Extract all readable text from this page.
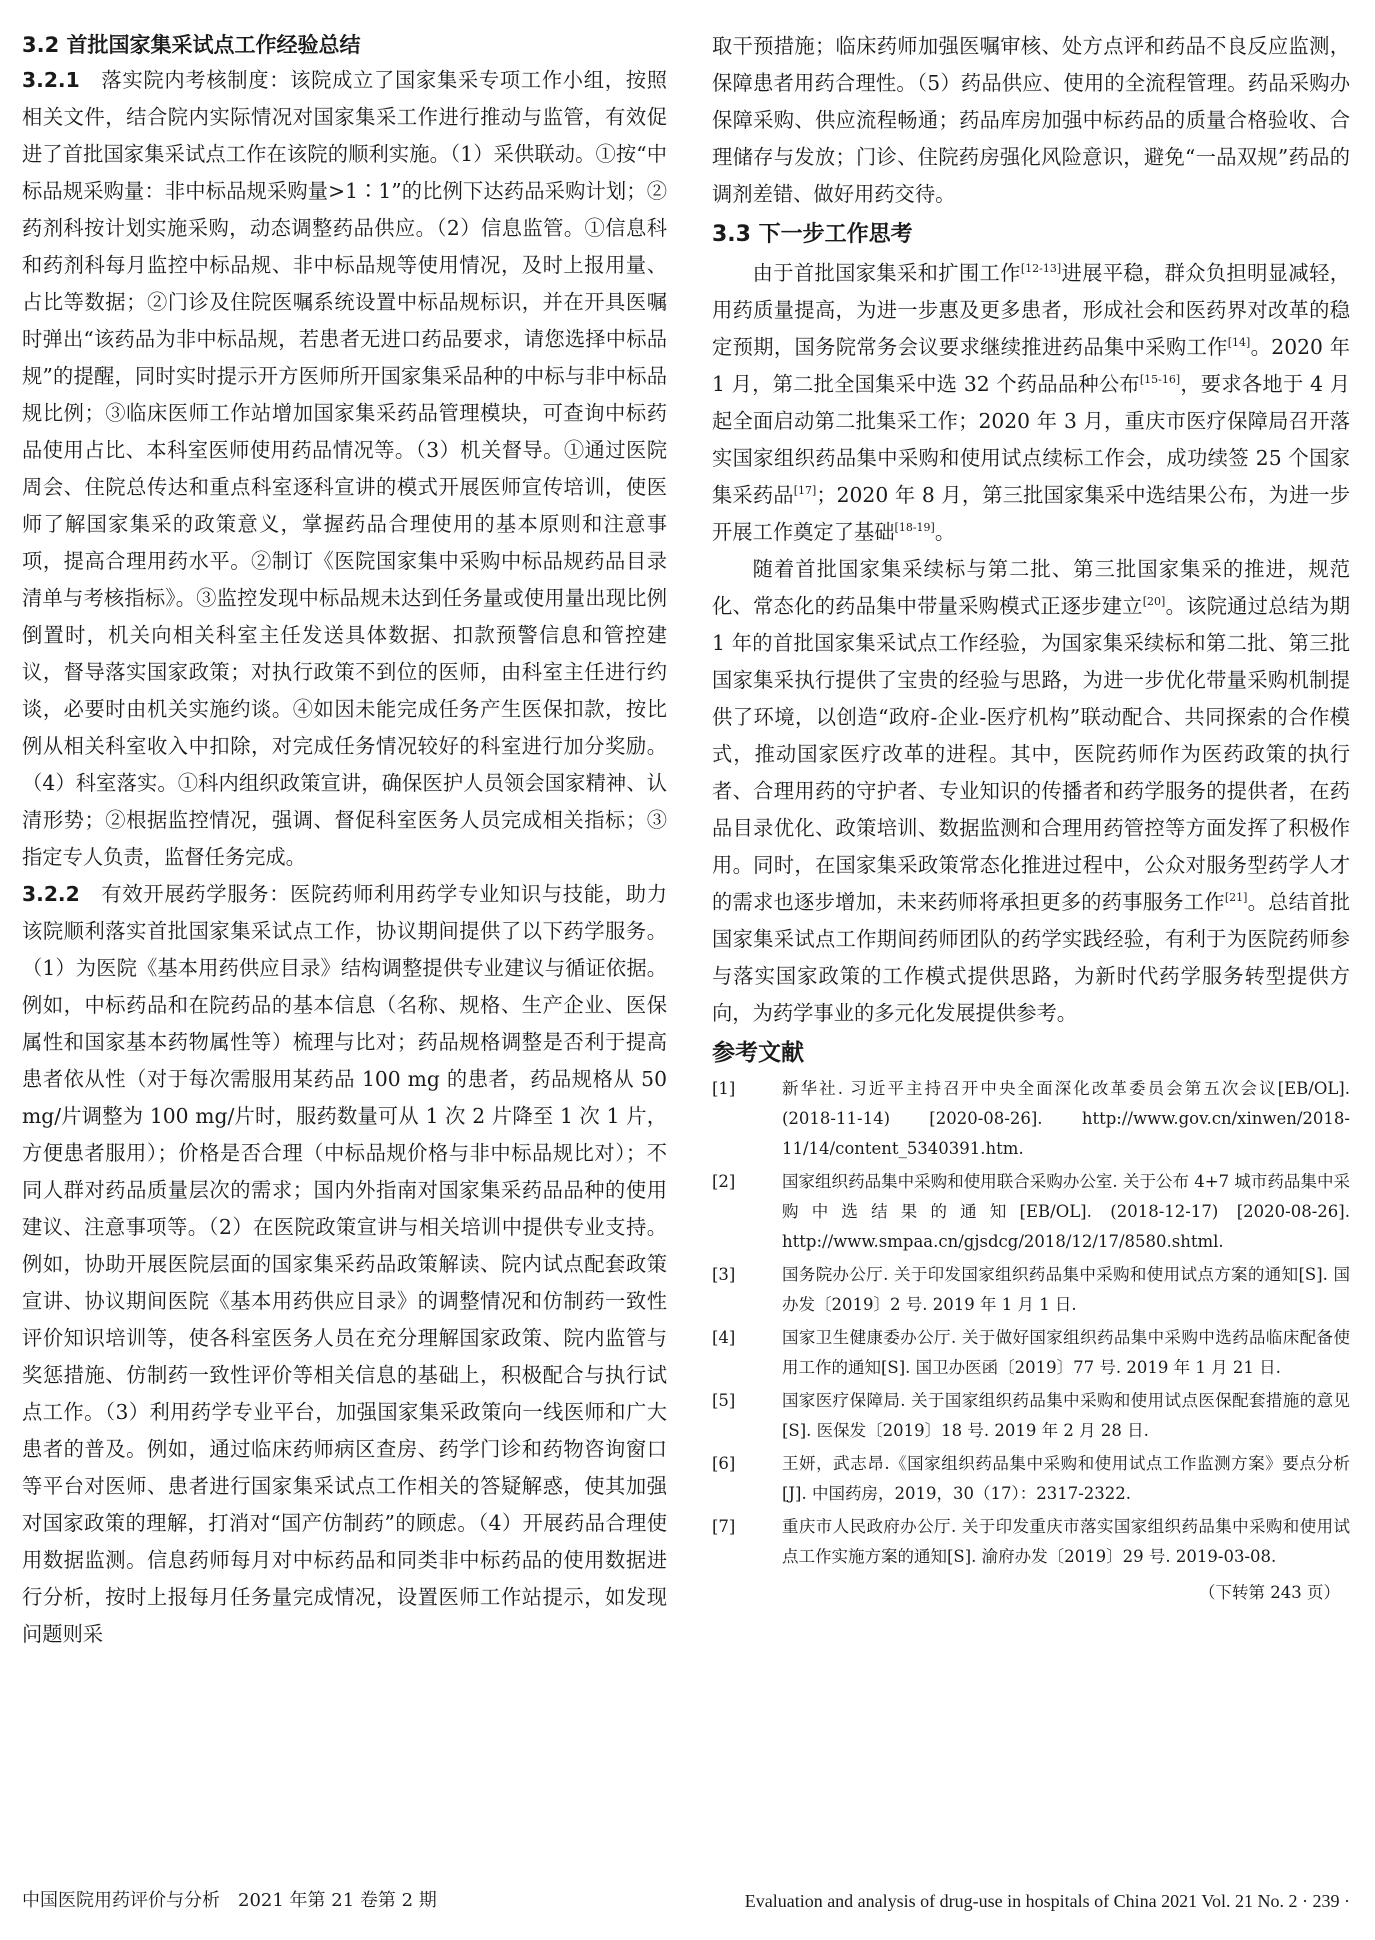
3.2 首批国家集采试点工作经验总结

3.2.1　 落实院内考核制度：该院成立了国家集采专项工作小组，按照相关文件，结合院内实际情况对国家集采工作进行推动与监管，有效促进了首批国家集采试点工作在该院的顺利实施。（1）采供联动。①按“中标品规采购量：非中标品规采购量>1∶1”的比例下达药品采购计划；②药剂科按计划实施采购，动态调整药品供应。（2）信息监管。①信息科和药剂科每月监控中标品规、非中标品规等使用情况，及时上报用量、占比等数据；②门诊及住院医嘱系统设置中标品规标识，并在开具医嘱时弹出“该药品为非中标品规，若患者无进口药品要求，请您选择中标品规”的提醒，同时实时提示开方医师所开国家集采品种的中标与非中标品规比例；③临床医师工作站增加国家集采药品管理模块，可查询中标药品使用占比、本科室医师使用药品情况等。（3）机关督导。①通过医院周会、住院总传达和重点科室逐科宣讲的模式开展医师宣传培训，使医师了解国家集采的政策意义，掌握药品合理使用的基本原则和注意事项，提高合理用药水平。②制订《医院国家集中采购中标品规药品目录清单与考核指标》。③监控发现中标品规未达到任务量或使用量出现比例倒置时，机关向相关科室主任发送具体数据、扣款预警信息和管控建议，督导落实国家政策；对执行政策不到位的医师，由科室主任进行约谈，必要时由机关实施约谈。④如因未能完成任务产生医保扣款，按比例从相关科室收入中扣除，对完成任务情况较好的科室进行加分奖励。（4）科室落实。①科内组织政策宣讲，确保医护人员领会国家精神、认清形势；②根据监控情况，强调、督促科室医务人员完成相关指标；③指定专人负责，监督任务完成。

3.2.2　 有效开展药学服务：医院药师利用药学专业知识与技能，助力该院顺利落实首批国家集采试点工作，协议期间提供了以下药学服务。（1）为医院《基本用药供应目录》结构调整提供专业建议与循证依据。例如，中标药品和在院药品的基本信息（名称、规格、生产企业、医保属性和国家基本药物属性等）梳理与比对；药品规格调整是否利于提高患者依从性（对于每次需服用某药品 100 mg 的患者，药品规格从 50 mg/片调整为 100 mg/片时，服药数量可从 1 次 2 片降至 1 次 1 片，方便患者服用）；价格是否合理（中标品规价格与非中标品规比对）；不同人群对药品质量层次的需求；国内外指南对国家集采药品品种的使用建议、注意事项等。（2）在医院政策宣讲与相关培训中提供专业支持。例如，协助开展医院层面的国家集采药品政策解读、院内试点配套政策宣讲、协议期间医院《基本用药供应目录》的调整情况和仿制药一致性评价知识培训等，使各科室医务人员在充分理解国家政策、院内监管与奖惩措施、仿制药一致性评价等相关信息的基础上，积极配合与执行试点工作。（3）利用药学专业平台，加强国家集采政策向一线医师和广大患者的普及。例如，通过临床药师病区查房、药学门诊和药物咨询窗口等平台对医师、患者进行国家集采试点工作相关的答疑解惑，使其加强对国家政策的理解，打消对“国产仿制药”的顾虑。（4）开展药品合理使用数据监测。信息药师每月对中标药品和同类非中标药品的使用数据进行分析，按时上报每月任务量完成情况，设置医师工作站提示，如发现问题则采

取干预措施；临床药师加强医嘱审核、处方点评和药品不良反应监测，保障患者用药合理性。（5）药品供应、使用的全流程管理。药品采购办保障采购、供应流程畅通；药品库房加强中标药品的质量合格验收、合理储存与发放；门诊、住院药房强化风险意识，避免“一品双规”药品的调剂差错、做好用药交待。

3.3 下一步工作思考

由于首批国家集采和扩围工作[12-13]进展平稳，群众负担明显减轻，用药质量提高，为进一步惠及更多患者，形成社会和医药界对改革的稳定预期，国务院常务会议要求继续推进药品集中采购工作[14]。2020 年 1 月，第二批全国集采中选 32 个药品品种公布[15-16]，要求各地于 4 月起全面启动第二批集采工作；2020 年 3 月，重庆市医疗保障局召开落实国家组织药品集中采购和使用试点续标工作会，成功续签 25 个国家集采药品[17]；2020 年 8 月，第三批国家集采中选结果公布，为进一步开展工作奠定了基础[18-19]。

随着首批国家集采续标与第二批、第三批国家集采的推进，规范化、常态化的药品集中带量采购模式正逐步建立[20]。该院通过总结为期 1 年的首批国家集采试点工作经验，为国家集采续标和第二批、第三批国家集采执行提供了宝贵的经验与思路，为进一步优化带量采购机制提供了环境，以创造“政府-企业-医疗机构”联动配合、共同探索的合作模式，推动国家医疗改革的进程。其中，医院药师作为医药政策的执行者、合理用药的守护者、专业知识的传播者和药学服务的提供者，在药品目录优化、政策培训、数据监测和合理用药管控等方面发挥了积极作用。同时，在国家集采政策常态化推进过程中，公众对服务型药学人才的需求也逐步增加，未来药师将承担更多的药事服务工作[21]。总结首批国家集采试点工作期间药师团队的药学实践经验，有利于为医院药师参与落实国家政策的工作模式提供思路，为新时代药学服务转型提供方向，为药学事业的多元化发展提供参考。

参考文献
[1]	新华社. 习近平主持召开中央全面深化改革委员会第五次会议[EB/OL]. (2018-11-14) [2020-08-26]. http://www.gov.cn/xinwen/2018-11/14/content_5340391.htm.
[2]	国家组织药品集中采购和使用联合采购办公室. 关于公布 4+7 城市药品集中采购中选结果的通知[EB/OL]. (2018-12-17) [2020-08-26]. http://www.smpaa.cn/gjsdcg/2018/12/17/8580.shtml.
[3]	国务院办公厅. 关于印发国家组织药品集中采购和使用试点方案的通知[S]. 国办发〔2019〕2 号. 2019 年 1 月 1 日.
[4]	国家卫生健康委办公厅. 关于做好国家组织药品集中采购中选药品临床配备使用工作的通知[S]. 国卫办医函〔2019〕77 号. 2019 年 1 月 21 日.
[5]	国家医疗保障局. 关于国家组织药品集中采购和使用试点医保配套措施的意见[S]. 医保发〔2019〕18 号. 2019 年 2 月 28 日.
[6]	王妍，武志昂.《国家组织药品集中采购和使用试点工作监测方案》要点分析[J]. 中国药房，2019，30（17）：2317-2322.
[7]	重庆市人民政府办公厅. 关于印发重庆市落实国家组织药品集中采购和使用试点工作实施方案的通知[S]. 渝府办发〔2019〕29 号. 2019-03-08.
（下转第 243 页）
中国医院用药评价与分析　2021 年第 21 卷第 2 期	Evaluation and analysis of drug-use in hospitals of China 2021 Vol. 21 No. 2 · 239 ·
